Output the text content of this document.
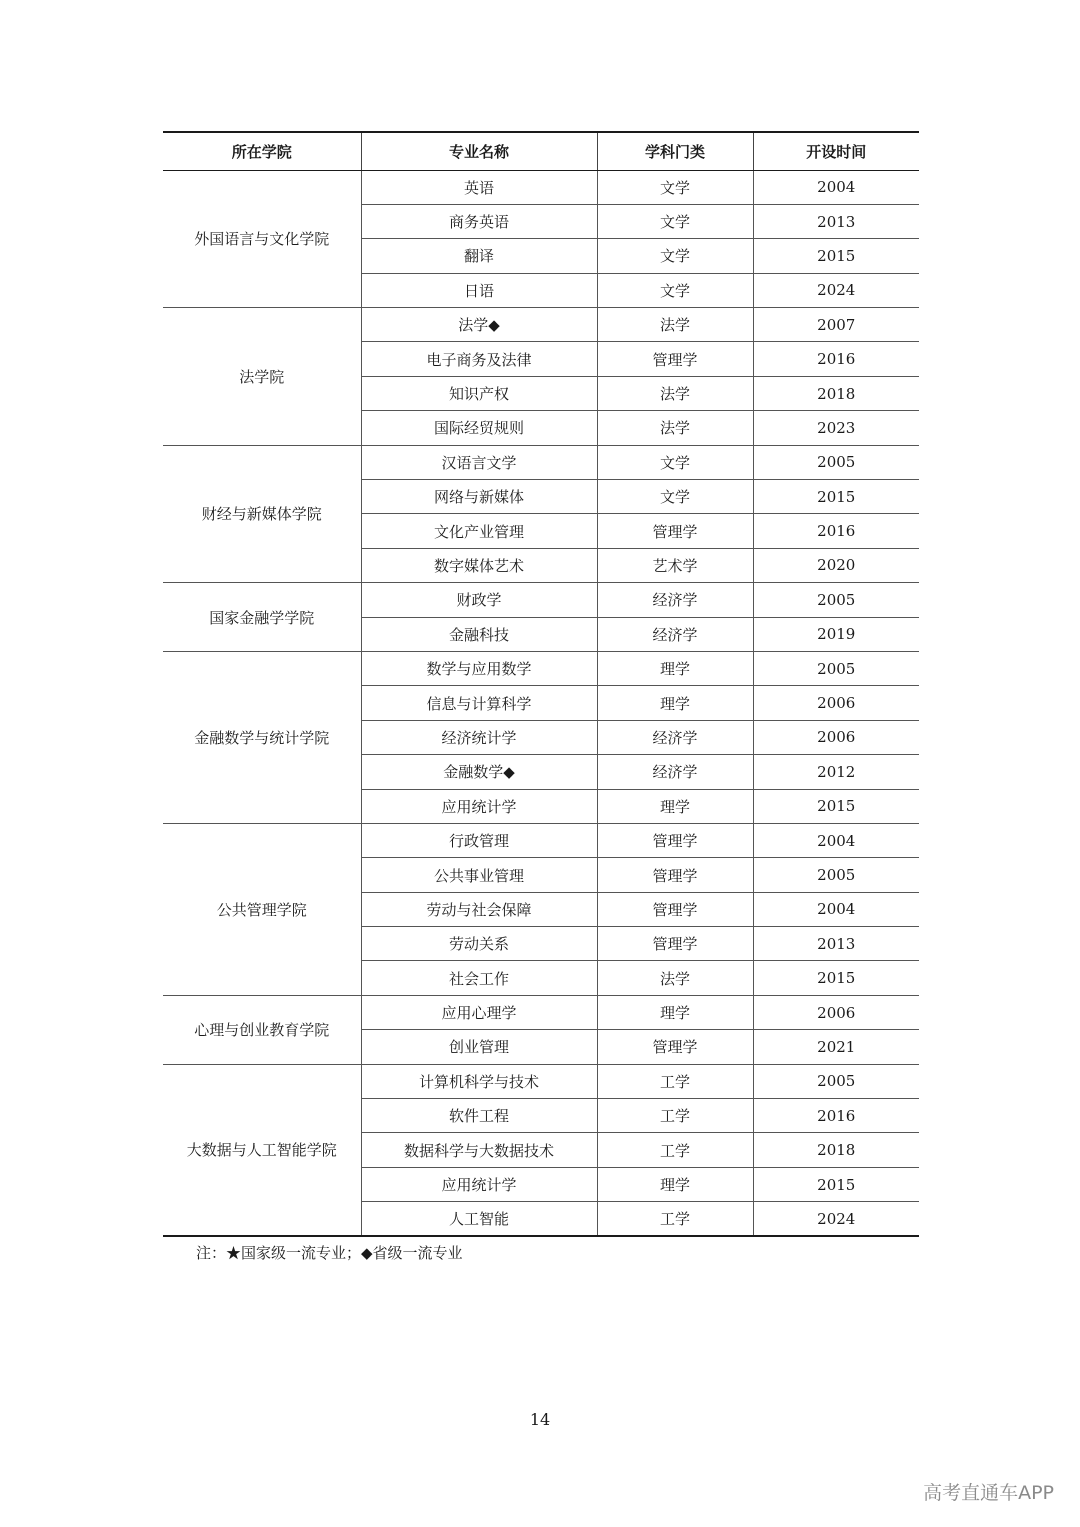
所在学院	专业名称	学科门类	开设时间
外国语言与文化学院	英语	文学	2004
	商务英语	文学	2013
	翻译	文学	2015
	日语	文学	2024
法学院	法学◆	法学	2007
	电子商务及法律	管理学	2016
	知识产权	法学	2018
	国际经贸规则	法学	2023
财经与新媒体学院	汉语言文学	文学	2005
	网络与新媒体	文学	2015
	文化产业管理	管理学	2016
	数字媒体艺术	艺术学	2020
国家金融学学院	财政学	经济学	2005
	金融科技	经济学	2019
金融数学与统计学院	数学与应用数学	理学	2005
	信息与计算科学	理学	2006
	经济统计学	经济学	2006
	金融数学◆	经济学	2012
	应用统计学	理学	2015
公共管理学院	行政管理	管理学	2004
	公共事业管理	管理学	2005
	劳动与社会保障	管理学	2004
	劳动关系	管理学	2013
	社会工作	法学	2015
心理与创业教育学院	应用心理学	理学	2006
	创业管理	管理学	2021
大数据与人工智能学院	计算机科学与技术	工学	2005
	软件工程	工学	2016
	数据科学与大数据技术	工学	2018
	应用统计学	理学	2015
	人工智能	工学	2024
注：★国家级一流专业；◆省级一流专业
14
高考直通车APP
